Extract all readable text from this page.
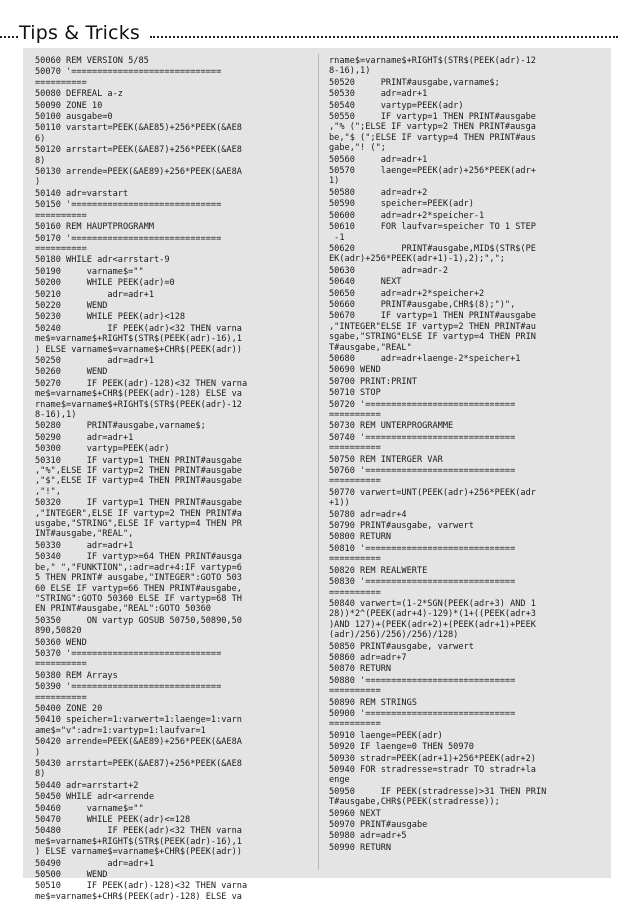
Tips & Tricks
50060 REM VERSION 5/85
50070 '=============================
==========
50080 DEFREAL a-z
50090 ZONE 10
50100 ausgabe=0
50110 varstart=PEEK(&AE85)+256*PEEK(&AE8
6)
50120 arrstart=PEEK(&AE87)+256*PEEK(&AE8
8)
50130 arrende=PEEK(&AE89)+256*PEEK(&AE8A
)
50140 adr=varstart
50150 '=============================
==========
50160 REM HAUPTPROGRAMM
50170 '=============================
==========
50180 WHILE adr<arrstart-9
50190     varname$=""
50200     WHILE PEEK(adr)=0
50210         adr=adr+1
50220     WEND
50230     WHILE PEEK(adr)<128
50240         IF PEEK(adr)<32 THEN varna
me$=varname$+RIGHT$(STR$(PEEK(adr)-16),1
) ELSE varname$=varname$+CHR$(PEEK(adr))
50250         adr=adr+1
50260     WEND
50270     IF PEEK(adr)-128)<32 THEN varna
me$=varname$+CHR$(PEEK(adr)-128) ELSE va
rname$=varname$+RIGHT$(STR$(PEEK(adr)-12
8-16),1)
50280     PRINT#ausgabe,varname$;
50290     adr=adr+1
50300     vartyp=PEEK(adr)
50310     IF vartyp=1 THEN PRINT#ausgabe
,"%",ELSE IF vartyp=2 THEN PRINT#ausgabe
,"$",ELSE IF vartyp=4 THEN PRINT#ausgabe
,"!",
50320     IF vartyp=1 THEN PRINT#ausgabe
,"INTEGER",ELSE IF vartyp=2 THEN PRINT#a
usgabe,"STRING",ELSE IF vartyp=4 THEN PR
INT#ausgabe,"REAL",
50330     adr=adr+1
50340     IF vartyp>=64 THEN PRINT#ausga
be," ","FUNKTION",:adr=adr+4:IF vartyp=6
5 THEN PRINT# ausgabe,"INTEGER":GOTO 503
60 ELSE IF vartyp=66 THEN PRINT#ausgabe,
"STRING":GOTO 50360 ELSE IF vartyp=68 TH
EN PRINT#ausgabe,"REAL":GOTO 50360
50350     ON vartyp GOSUB 50750,50890,50
890,50820
50360 WEND
50370 '=============================
==========
50380 REM Arrays
50390 '=============================
==========
50400 ZONE 20
50410 speicher=1:varwert=1:laenge=1:varn
ame$="v":adr=1:vartyp=1:laufvar=1
50420 arrende=PEEK(&AE89)+256*PEEK(&AE8A
)
50430 arrstart=PEEK(&AE87)+256*PEEK(&AE8
8)
50440 adr=arrstart+2
50450 WHILE adr<arrende
50460     varname$=""
50470     WHILE PEEK(adr)<=128
50480         IF PEEK(adr)<32 THEN varna
me$=varname$+RIGHT$(STR$(PEEK(adr)-16),1
) ELSE varname$=varname$+CHR$(PEEK(adr))
50490         adr=adr+1
50500     WEND
50510     IF PEEK(adr)-128)<32 THEN varna
me$=varname$+CHR$(PEEK(adr)-128) ELSE va
rname$=varname$+RIGHT$(STR$(PEEK(adr)-12
8-16),1)
50520     PRINT#ausgabe,varname$;
50530     adr=adr+1
50540     vartyp=PEEK(adr)
50550     IF vartyp=1 THEN PRINT#ausgabe
,"% (";ELSE IF vartyp=2 THEN PRINT#ausga
be,"$ (";ELSE IF vartyp=4 THEN PRINT#aus
gabe,"! (";
50560     adr=adr+1
50570     laenge=PEEK(adr)+256*PEEK(adr+
1)
50580     adr=adr+2
50590     speicher=PEEK(adr)
50600     adr=adr+2*speicher-1
50610     FOR laufvar=speicher TO 1 STEP
-1
50620         PRINT#ausgabe,MID$(STR$(PE
EK(adr)+256*PEEK(adr+1)-1),2);",";
50630         adr=adr-2
50640     NEXT
50650     adr=adr+2*speicher+2
50660     PRINT#ausgabe,CHR$(8);")",
50670     IF vartyp=1 THEN PRINT#ausgabe
,"INTEGER"ELSE IF vartyp=2 THEN PRINT#au
sgabe,"STRING"ELSE IF vartyp=4 THEN PRIN
T#ausgabe,"REAL"
50680     adr=adr+laenge-2*speicher+1
50690 WEND
50700 PRINT:PRINT
50710 STOP
50720 '=============================
==========
50730 REM UNTERPROGRAMME
50740 '=============================
==========
50750 REM INTERGER VAR
50760 '=============================
==========
50770 varwert=UNT(PEEK(adr)+256*PEEK(adr
+1))
50780 adr=adr+4
50790 PRINT#ausgabe, varwert
50800 RETURN
50810 '=============================
==========
50820 REM REALWERTE
50830 '=============================
==========
50840 varwert=(1-2*SGN(PEEK(adr+3) AND 1
28))*2^(PEEK(adr+4)-129)*(1+((PEEK(adr+3
)AND 127)+(PEEK(adr+2)+(PEEK(adr+1)+PEEK
(adr)/256)/256)/256)/128)
50850 PRINT#ausgabe, varwert
50860 adr=adr+7
50870 RETURN
50880 '=============================
==========
50890 REM STRINGS
50900 '=============================
==========
50910 laenge=PEEK(adr)
50920 IF laenge=0 THEN 50970
50930 stradr=PEEK(adr+1)+256*PEEK(adr+2)
50940 FOR stradresse=stradr TO stradr+la
enge
50950     IF PEEK(stradresse)>31 THEN PRIN
T#ausgabe,CHR$(PEEK(stradresse));
50960 NEXT
50970 PRINT#ausgabe
50980 adr=adr+5
50990 RETURN
